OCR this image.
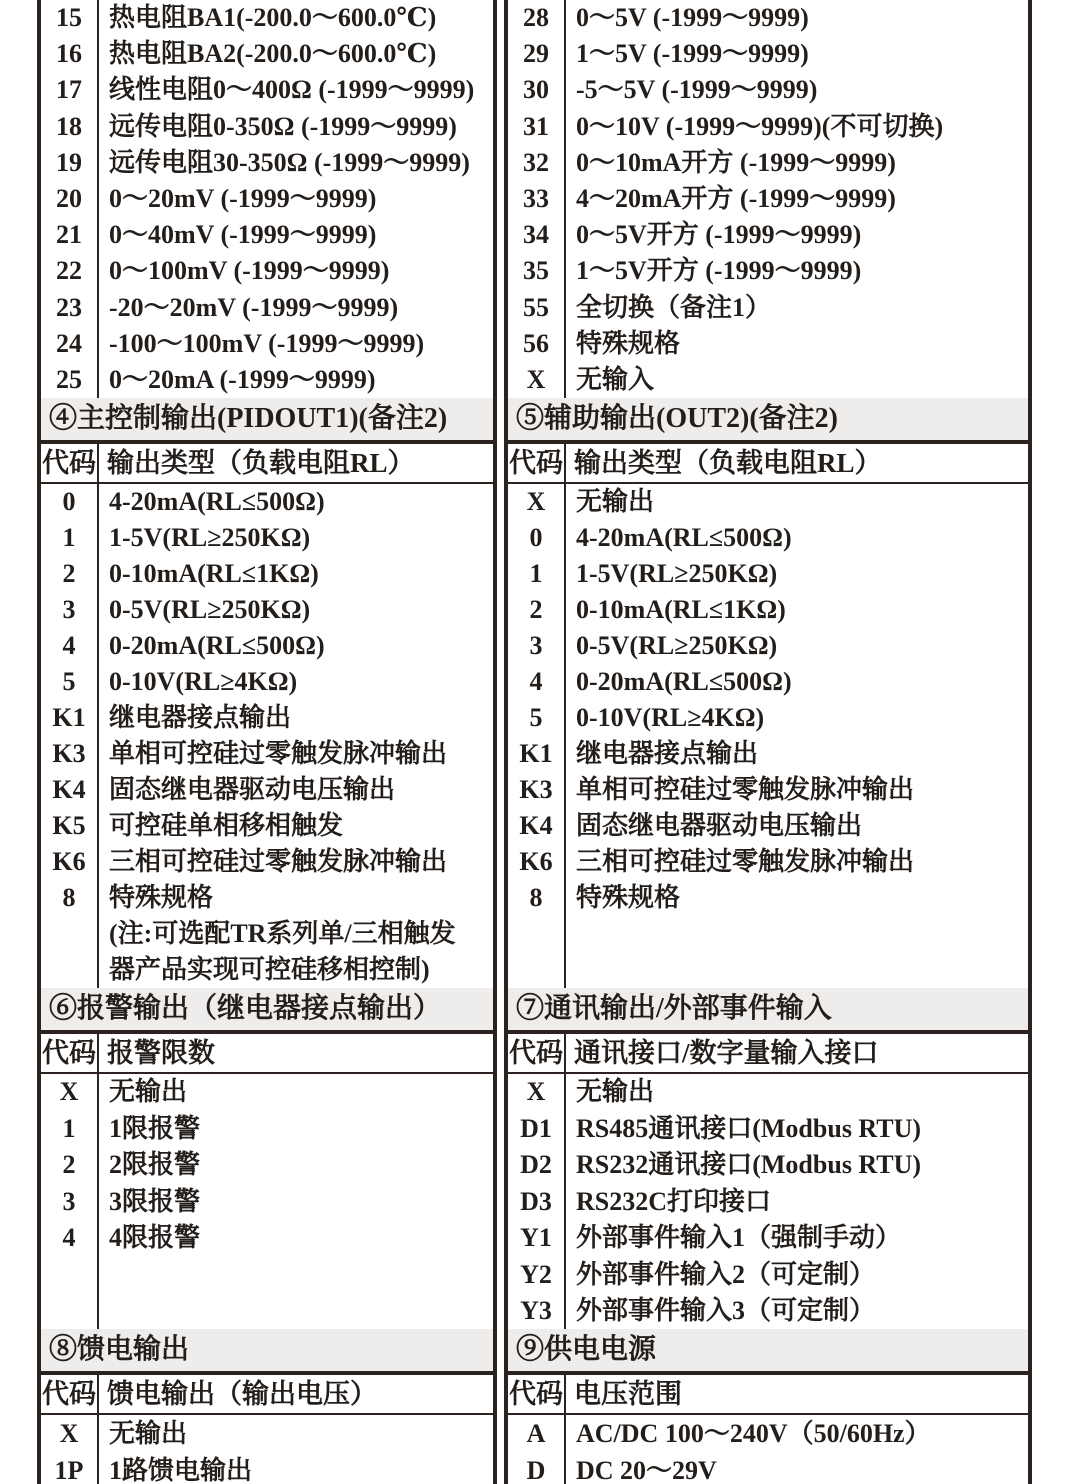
15
16
17
18
19
20
21
22
23
24
25
热电阻BA1(-200.0～600.0℃)
热电阻BA2(-200.0～600.0℃)
线性电阻0～400Ω (-1999～9999)
远传电阻0-350Ω (-1999～9999)
远传电阻30-350Ω (-1999～9999)
0～20mV (-1999～9999)
0～40mV (-1999～9999)
0～100mV (-1999～9999)
-20～20mV (-1999～9999)
-100～100mV (-1999～9999)
0～20mA (-1999～9999)
28
29
30
31
32
33
34
35
55
56
X
0～5V (-1999～9999)
1～5V (-1999～9999)
-5～5V (-1999～9999)
0～10V (-1999～9999)(不可切换)
0～10mA开方 (-1999～9999)
4～20mA开方 (-1999～9999)
0～5V开方 (-1999～9999)
1～5V开方 (-1999～9999)
全切换（备注1）
特殊规格
无输入
④主控制输出(PIDOUT1)(备注2)
代码 输出类型（负载电阻RL）
0
1
2
3
4
5
K1
K3
K4
K5
K6
8
4-20mA(RL≤500Ω)
1-5V(RL≥250KΩ)
0-10mA(RL≤1KΩ)
0-5V(RL≥250KΩ)
0-20mA(RL≤500Ω)
0-10V(RL≥4KΩ)
继电器接点输出
单相可控硅过零触发脉冲输出
固态继电器驱动电压输出
可控硅单相移相触发
三相可控硅过零触发脉冲输出
特殊规格
(注:可选配TR系列单/三相触发
器产品实现可控硅移相控制)
⑤辅助输出(OUT2)(备注2)
代码 输出类型（负载电阻RL）
X
0
1
2
3
4
5
K1
K3
K4
K6
8
无输出
4-20mA(RL≤500Ω)
1-5V(RL≥250KΩ)
0-10mA(RL≤1KΩ)
0-5V(RL≥250KΩ)
0-20mA(RL≤500Ω)
0-10V(RL≥4KΩ)
继电器接点输出
单相可控硅过零触发脉冲输出
固态继电器驱动电压输出
三相可控硅过零触发脉冲输出
特殊规格
⑥报警输出（继电器接点输出）
代码 报警限数
X
1
2
3
4
无输出
1限报警
2限报警
3限报警
4限报警
⑦通讯输出/外部事件输入
代码 通讯接口/数字量输入接口
X
D1
D2
D3
Y1
Y2
Y3
无输出
RS485通讯接口(Modbus RTU)
RS232通讯接口(Modbus RTU)
RS232C打印接口
外部事件输入1（强制手动）
外部事件输入2（可定制）
外部事件输入3（可定制）
⑧馈电输出
代码 馈电输出（输出电压）
X
1P
无输出
1路馈电输出
⑨供电电源
代码 电压范围
A
D
AC/DC 100～240V（50/60Hz）
DC 20～29V
